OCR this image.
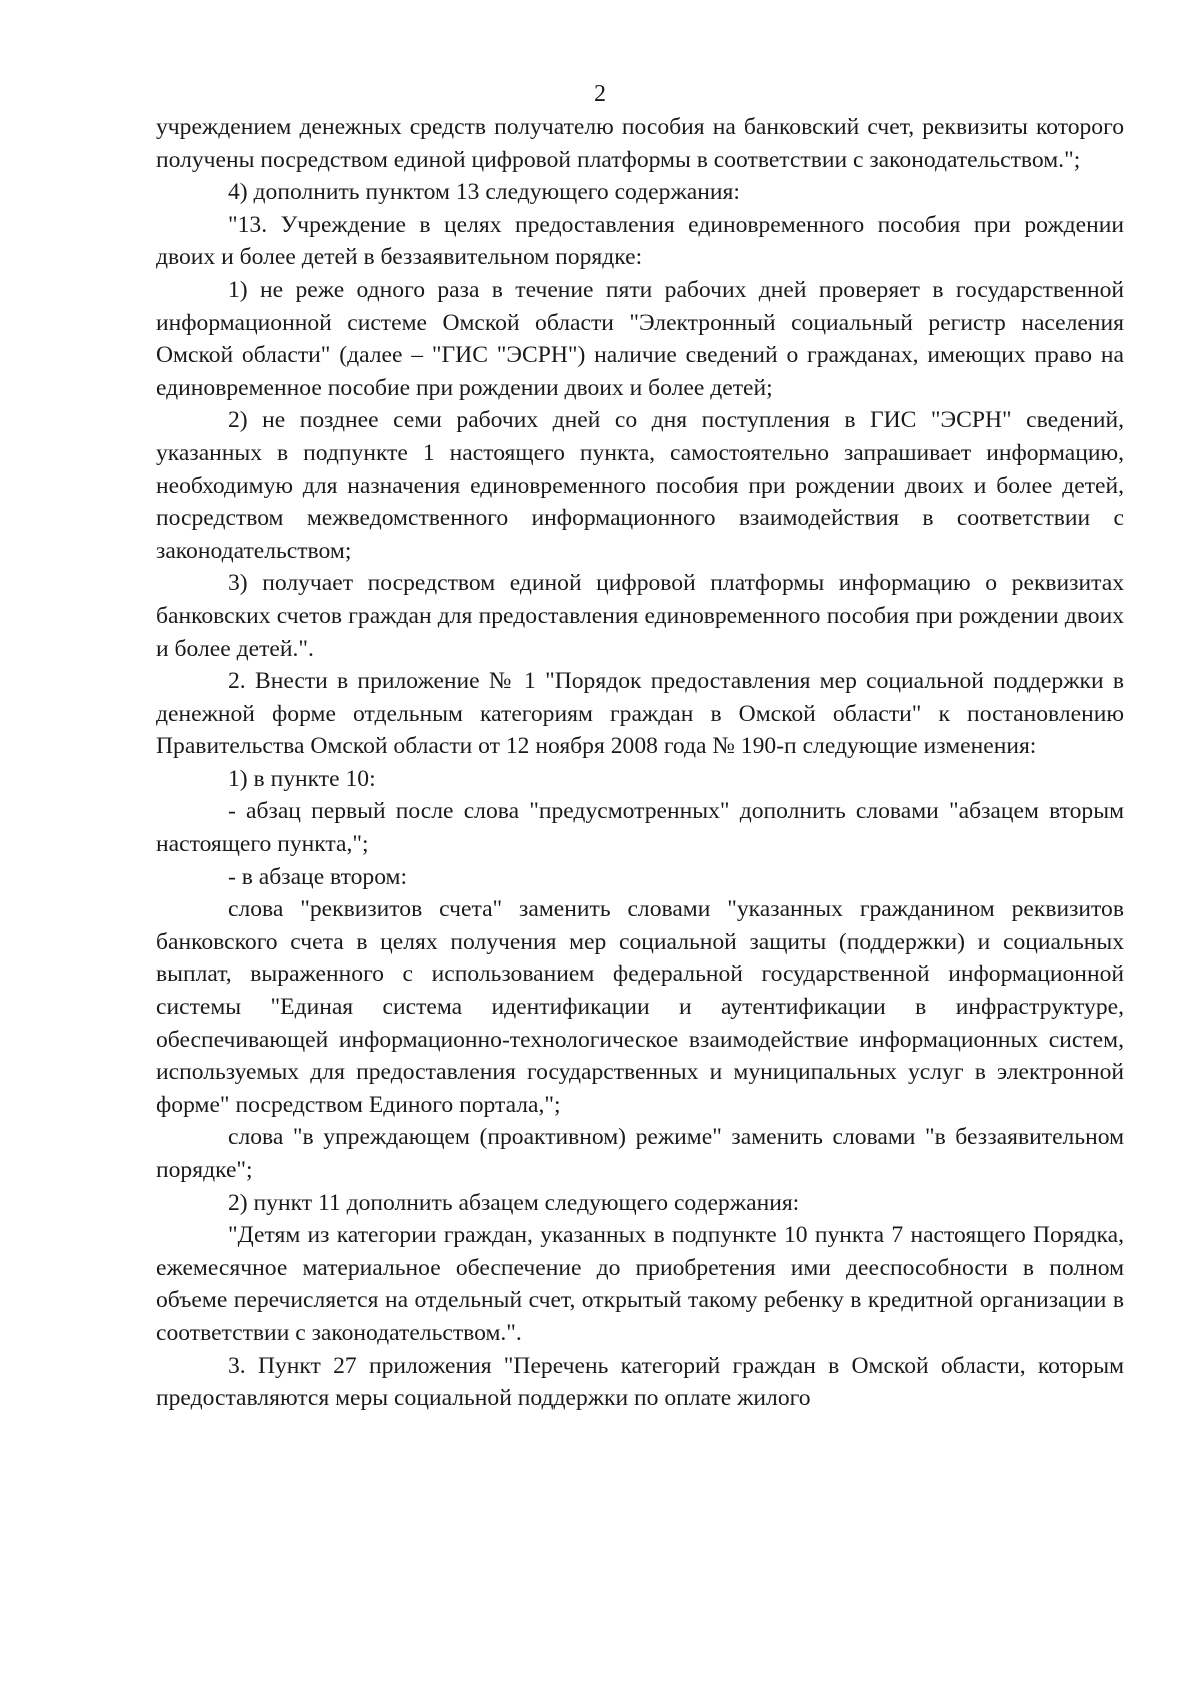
2

учреждением денежных средств получателю пособия на банковский счет, реквизиты которого получены посредством единой цифровой платформы в соответствии с законодательством.";

4) дополнить пунктом 13 следующего содержания:

"13. Учреждение в целях предоставления единовременного пособия при рождении двоих и более детей в беззаявительном порядке:

1) не реже одного раза в течение пяти рабочих дней проверяет в государственной информационной системе Омской области "Электронный социальный регистр населения Омской области" (далее – "ГИС "ЭСРН") наличие сведений о гражданах, имеющих право на единовременное пособие при рождении двоих и более детей;

2) не позднее семи рабочих дней со дня поступления в ГИС "ЭСРН" сведений, указанных в подпункте 1 настоящего пункта, самостоятельно запрашивает информацию, необходимую для назначения единовременного пособия при рождении двоих и более детей, посредством межведомственного информационного взаимодействия в соответствии с законодательством;

3) получает посредством единой цифровой платформы информацию о реквизитах банковских счетов граждан для предоставления единовременного пособия при рождении двоих и более детей.".

2. Внести в приложение № 1 "Порядок предоставления мер социальной поддержки в денежной форме отдельным категориям граждан в Омской области" к постановлению Правительства Омской области от 12 ноября 2008 года № 190-п следующие изменения:

1) в пункте 10:

- абзац первый после слова "предусмотренных" дополнить словами "абзацем вторым настоящего пункта,";

- в абзаце втором:

слова "реквизитов счета" заменить словами "указанных гражданином реквизитов банковского счета в целях получения мер социальной защиты (поддержки) и социальных выплат, выраженного с использованием федеральной государственной информационной системы "Единая система идентификации и аутентификации в инфраструктуре, обеспечивающей информационно-технологическое взаимодействие информационных систем, используемых для предоставления государственных и муниципальных услуг в электронной форме" посредством Единого портала,";

слова "в упреждающем (проактивном) режиме" заменить словами "в беззаявительном порядке";

2) пункт 11 дополнить абзацем следующего содержания:

"Детям из категории граждан, указанных в подпункте 10 пункта 7 настоящего Порядка, ежемесячное материальное обеспечение до приобретения ими дееспособности в полном объеме перечисляется на отдельный счет, открытый такому ребенку в кредитной организации в соответствии с законодательством.".

3. Пункт 27 приложения "Перечень категорий граждан в Омской области, которым предоставляются меры социальной поддержки по оплате жилого
